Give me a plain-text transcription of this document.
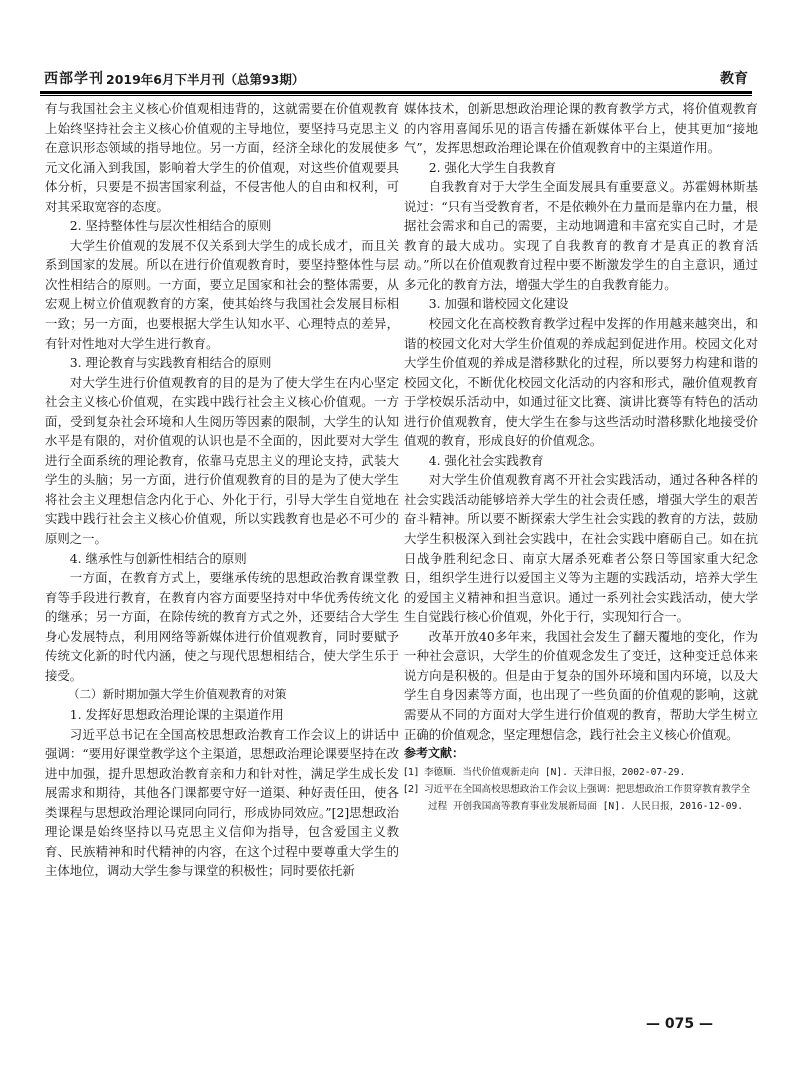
西部学刊 2019年6月下半月刊（总第93期）	教育

有与我国社会主义核心价值观相违背的，这就需要在价值观教育上始终坚持社会主义核心价值观的主导地位，要坚持马克思主义在意识形态领域的指导地位。另一方面，经济全球化的发展使多元文化涌入到我国，影响着大学生的价值观，对这些价值观要具体分析，只要是不损害国家利益，不侵害他人的自由和权利，可对其采取宽容的态度。

2. 坚持整体性与层次性相结合的原则

大学生价值观的发展不仅关系到大学生的成长成才，而且关系到国家的发展。所以在进行价值观教育时，要坚持整体性与层次性相结合的原则。一方面，要立足国家和社会的整体需要，从宏观上树立价值观教育的方案，使其始终与我国社会发展目标相一致；另一方面，也要根据大学生认知水平、心理特点的差异，有针对性地对大学生进行教育。

3. 理论教育与实践教育相结合的原则

对大学生进行价值观教育的目的是为了使大学生在内心坚定社会主义核心价值观，在实践中践行社会主义核心价值观。一方面，受到复杂社会环境和人生阅历等因素的限制，大学生的认知水平是有限的，对价值观的认识也是不全面的，因此要对大学生进行全面系统的理论教育，依靠马克思主义的理论支持，武装大学生的头脑；另一方面，进行价值观教育的目的是为了使大学生将社会主义理想信念内化于心、外化于行，引导大学生自觉地在实践中践行社会主义核心价值观，所以实践教育也是必不可少的原则之一。

4. 继承性与创新性相结合的原则

一方面，在教育方式上，要继承传统的思想政治教育课堂教育等手段进行教育，在教育内容方面要坚持对中华优秀传统文化的继承；另一方面，在除传统的教育方式之外，还要结合大学生身心发展特点，利用网络等新媒体进行价值观教育，同时要赋予传统文化新的时代内涵，使之与现代思想相结合，使大学生乐于接受。

（二）新时期加强大学生价值观教育的对策

1. 发挥好思想政治理论课的主渠道作用

习近平总书记在全国高校思想政治教育工作会议上的讲话中强调：“要用好课堂教学这个主渠道，思想政治理论课要坚持在改进中加强，提升思想政治教育亲和力和针对性，满足学生成长发展需求和期待，其他各门课都要守好一道渠、种好责任田，使各类课程与思想政治理论课同向同行，形成协同效应。”[2]思想政治理论课是始终坚持以马克思主义信仰为指导，包含爱国主义教育、民族精神和时代精神的内容，在这个过程中要尊重大学生的主体地位，调动大学生参与课堂的积极性；同时要依托新

媒体技术，创新思想政治理论课的教育教学方式，将价值观教育的内容用喜闻乐见的语言传播在新媒体平台上，使其更加“接地气”，发挥思想政治理论课在价值观教育中的主渠道作用。

2. 强化大学生自我教育

自我教育对于大学生全面发展具有重要意义。苏霍姆林斯基说过：“只有当受教育者，不是依赖外在力量而是靠内在力量，根据社会需求和自己的需要，主动地调遣和丰富充实自己时，才是教育的最大成功。实现了自我教育的教育才是真正的教育活动。”所以在价值观教育过程中要不断激发学生的自主意识，通过多元化的教育方法，增强大学生的自我教育能力。

3. 加强和谐校园文化建设

校园文化在高校教育教学过程中发挥的作用越来越突出，和谐的校园文化对大学生价值观的养成起到促进作用。校园文化对大学生价值观的养成是潜移默化的过程，所以要努力构建和谐的校园文化，不断优化校园文化活动的内容和形式，融价值观教育于学校娱乐活动中，如通过征文比赛、演讲比赛等有特色的活动进行价值观教育，使大学生在参与这些活动时潜移默化地接受价值观的教育，形成良好的价值观念。

4. 强化社会实践教育

对大学生价值观教育离不开社会实践活动，通过各种各样的社会实践活动能够培养大学生的社会责任感，增强大学生的艰苦奋斗精神。所以要不断探索大学生社会实践的教育的方法，鼓励大学生积极深入到社会实践中，在社会实践中磨砺自己。如在抗日战争胜利纪念日、南京大屠杀死难者公祭日等国家重大纪念日，组织学生进行以爱国主义等为主题的实践活动，培养大学生的爱国主义精神和担当意识。通过一系列社会实践活动，使大学生自觉践行核心价值观，外化于行，实现知行合一。

改革开放40多年来，我国社会发生了翻天覆地的变化，作为一种社会意识，大学生的价值观念发生了变迁，这种变迁总体来说方向是积极的。但是由于复杂的国外环境和国内环境，以及大学生自身因素等方面，也出现了一些负面的价值观的影响，这就需要从不同的方面对大学生进行价值观的教育，帮助大学生树立正确的价值观念，坚定理想信念，践行社会主义核心价值观。

参考文献：

[1] 李德顺．当代价值观新走向 [N]. 天津日报，2002-07-29.

[2] 习近平在全国高校思想政治工作会议上强调：把思想政治工作贯穿教育教学全过程 开创我国高等教育事业发展新局面 [N]. 人民日报，2016-12-09.

— 075 —
